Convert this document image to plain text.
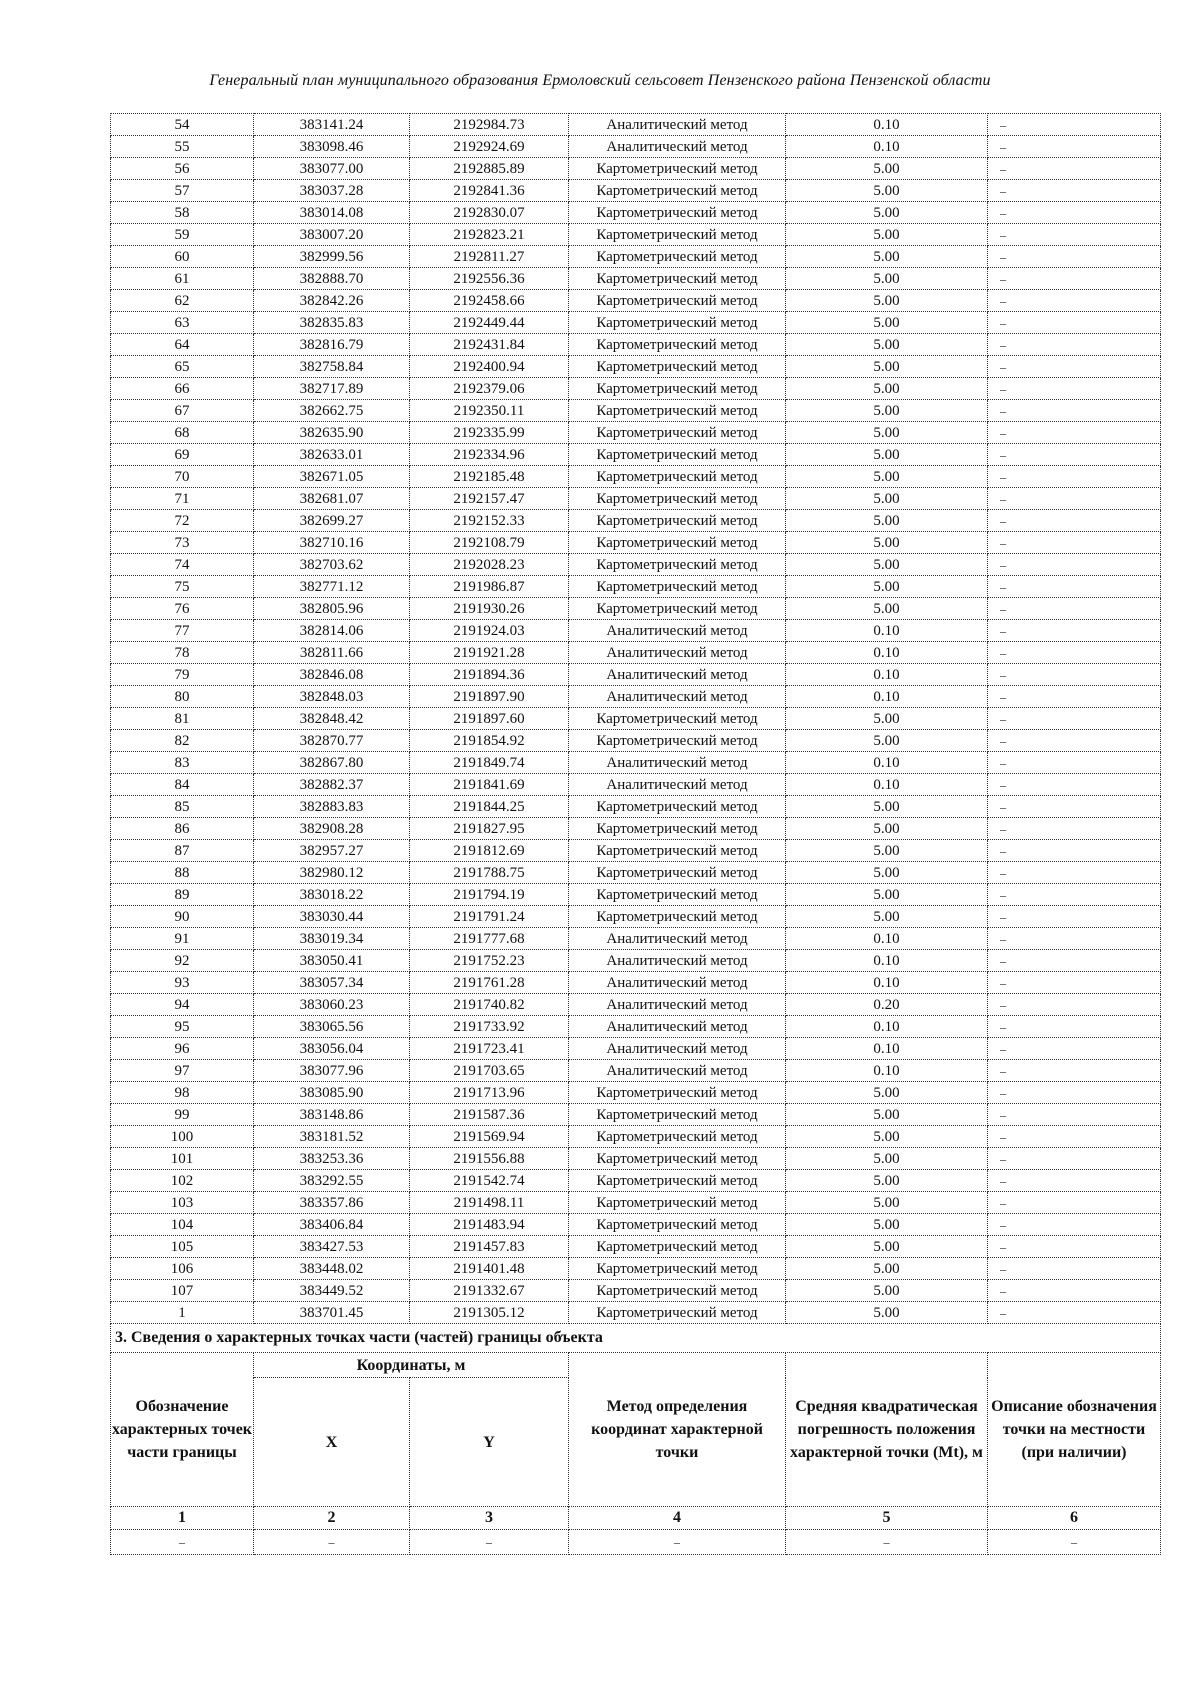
Генеральный план муниципального образования Ермоловский сельсовет Пензенского района Пензенской области
54	383141.24	2192984.73	Аналитический метод	0.10	–
55	383098.46	2192924.69	Аналитический метод	0.10	–
56	383077.00	2192885.89	Картометрический метод	5.00	–
57	383037.28	2192841.36	Картометрический метод	5.00	–
58	383014.08	2192830.07	Картометрический метод	5.00	–
59	383007.20	2192823.21	Картометрический метод	5.00	–
60	382999.56	2192811.27	Картометрический метод	5.00	–
61	382888.70	2192556.36	Картометрический метод	5.00	–
62	382842.26	2192458.66	Картометрический метод	5.00	–
63	382835.83	2192449.44	Картометрический метод	5.00	–
64	382816.79	2192431.84	Картометрический метод	5.00	–
65	382758.84	2192400.94	Картометрический метод	5.00	–
66	382717.89	2192379.06	Картометрический метод	5.00	–
67	382662.75	2192350.11	Картометрический метод	5.00	–
68	382635.90	2192335.99	Картометрический метод	5.00	–
69	382633.01	2192334.96	Картометрический метод	5.00	–
70	382671.05	2192185.48	Картометрический метод	5.00	–
71	382681.07	2192157.47	Картометрический метод	5.00	–
72	382699.27	2192152.33	Картометрический метод	5.00	–
73	382710.16	2192108.79	Картометрический метод	5.00	–
74	382703.62	2192028.23	Картометрический метод	5.00	–
75	382771.12	2191986.87	Картометрический метод	5.00	–
76	382805.96	2191930.26	Картометрический метод	5.00	–
77	382814.06	2191924.03	Аналитический метод	0.10	–
78	382811.66	2191921.28	Аналитический метод	0.10	–
79	382846.08	2191894.36	Аналитический метод	0.10	–
80	382848.03	2191897.90	Аналитический метод	0.10	–
81	382848.42	2191897.60	Картометрический метод	5.00	–
82	382870.77	2191854.92	Картометрический метод	5.00	–
83	382867.80	2191849.74	Аналитический метод	0.10	–
84	382882.37	2191841.69	Аналитический метод	0.10	–
85	382883.83	2191844.25	Картометрический метод	5.00	–
86	382908.28	2191827.95	Картометрический метод	5.00	–
87	382957.27	2191812.69	Картометрический метод	5.00	–
88	382980.12	2191788.75	Картометрический метод	5.00	–
89	383018.22	2191794.19	Картометрический метод	5.00	–
90	383030.44	2191791.24	Картометрический метод	5.00	–
91	383019.34	2191777.68	Аналитический метод	0.10	–
92	383050.41	2191752.23	Аналитический метод	0.10	–
93	383057.34	2191761.28	Аналитический метод	0.10	–
94	383060.23	2191740.82	Аналитический метод	0.20	–
95	383065.56	2191733.92	Аналитический метод	0.10	–
96	383056.04	2191723.41	Аналитический метод	0.10	–
97	383077.96	2191703.65	Аналитический метод	0.10	–
98	383085.90	2191713.96	Картометрический метод	5.00	–
99	383148.86	2191587.36	Картометрический метод	5.00	–
100	383181.52	2191569.94	Картометрический метод	5.00	–
101	383253.36	2191556.88	Картометрический метод	5.00	–
102	383292.55	2191542.74	Картометрический метод	5.00	–
103	383357.86	2191498.11	Картометрический метод	5.00	–
104	383406.84	2191483.94	Картометрический метод	5.00	–
105	383427.53	2191457.83	Картометрический метод	5.00	–
106	383448.02	2191401.48	Картометрический метод	5.00	–
107	383449.52	2191332.67	Картометрический метод	5.00	–
1	383701.45	2191305.12	Картометрический метод	5.00	–
3. Сведения о характерных точках части (частей) границы объекта					
Обозначение характерных точек части границы	Координаты, м		Метод определения координат характерной точки	Средняя квадратическая погрешность положения характерной точки (Mt), м	Описание обозначения точки на местности (при наличии)
	X	Y			
1	2	3	4	5	6
–	–	–	–	–	–
